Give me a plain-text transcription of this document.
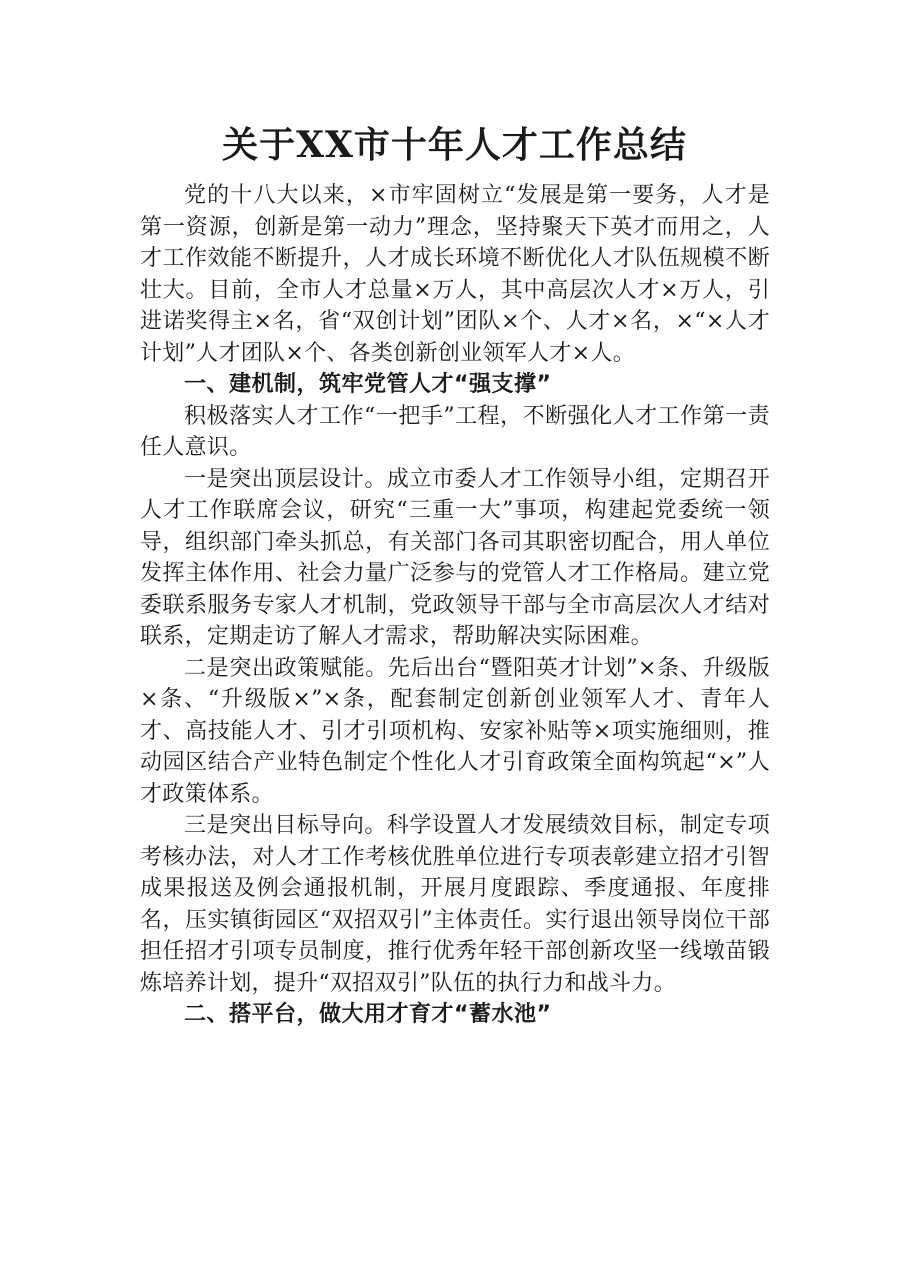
关于XX市十年人才工作总结

党的十八大以来，×市牢固树立“发展是第一要务，人才是第一资源，创新是第一动力”理念，坚持聚天下英才而用之，人才工作效能不断提升，人才成长环境不断优化人才队伍规模不断壮大。目前，全市人才总量×万人，其中高层次人才×万人，引进诺奖得主×名，省“双创计划”团队×个、人才×名，×“×人才计划”人才团队×个、各类创新创业领军人才×人。

一、建机制，筑牢党管人才“强支撑”

积极落实人才工作“一把手”工程，不断强化人才工作第一责任人意识。

一是突出顶层设计。成立市委人才工作领导小组，定期召开人才工作联席会议，研究“三重一大”事项，构建起党委统一领导，组织部门牵头抓总，有关部门各司其职密切配合，用人单位发挥主体作用、社会力量广泛参与的党管人才工作格局。建立党委联系服务专家人才机制，党政领导干部与全市高层次人才结对联系，定期走访了解人才需求，帮助解决实际困难。

二是突出政策赋能。先后出台“暨阳英才计划”×条、升级版×条、“升级版×”×条，配套制定创新创业领军人才、青年人才、高技能人才、引才引项机构、安家补贴等×项实施细则，推动园区结合产业特色制定个性化人才引育政策全面构筑起“×”人才政策体系。

三是突出目标导向。科学设置人才发展绩效目标，制定专项考核办法，对人才工作考核优胜单位进行专项表彰建立招才引智成果报送及例会通报机制，开展月度跟踪、季度通报、年度排名，压实镇街园区“双招双引”主体责任。实行退出领导岗位干部担任招才引项专员制度，推行优秀年轻干部创新攻坚一线墩苗锻炼培养计划，提升“双招双引”队伍的执行力和战斗力。

二、搭平台，做大用才育才“蓄水池”
